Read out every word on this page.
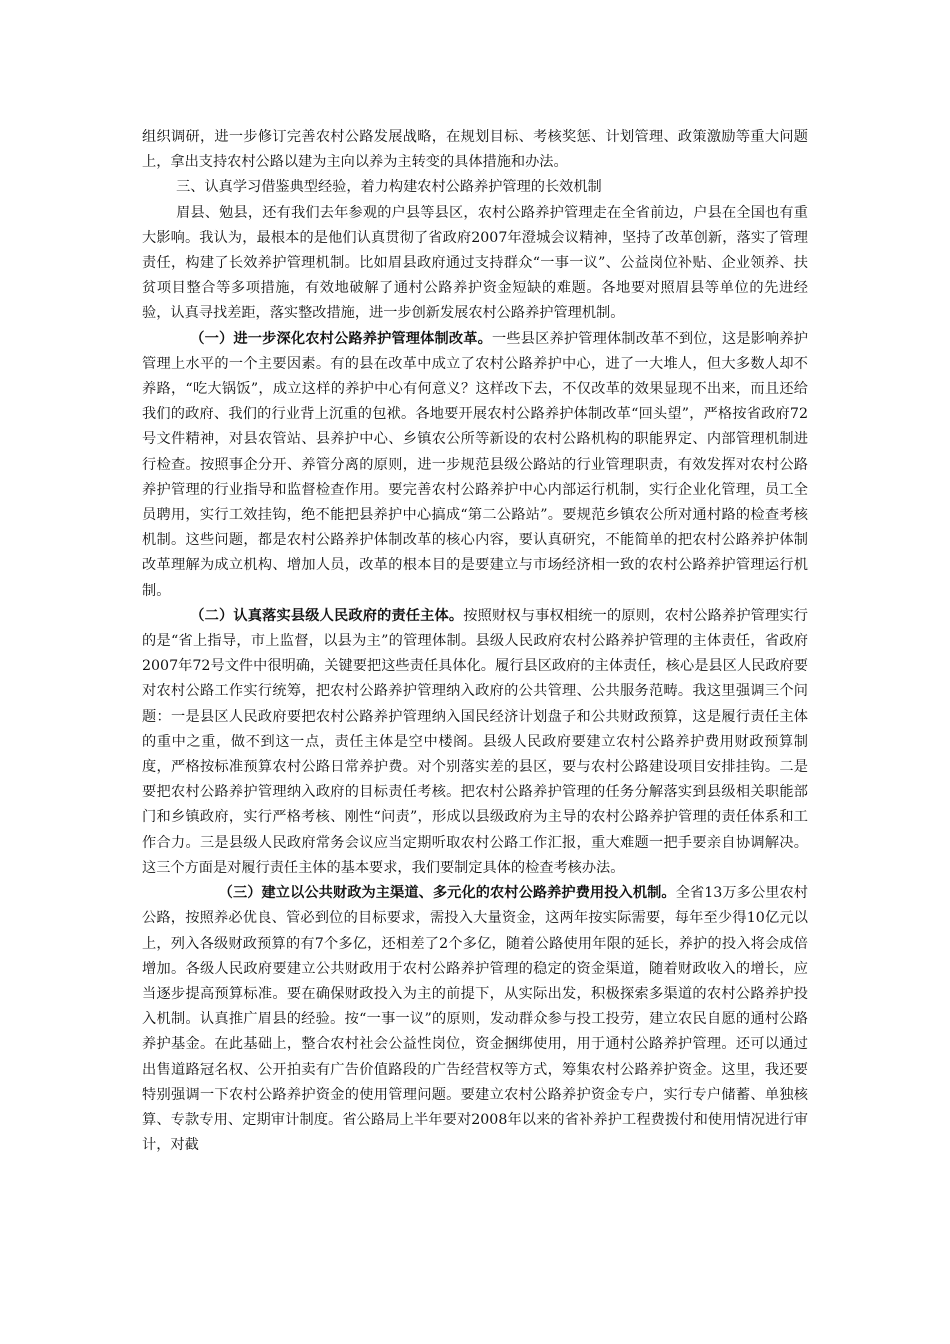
组织调研，进一步修订完善农村公路发展战略，在规划目标、考核奖惩、计划管理、政策激励等重大问题上，拿出支持农村公路以建为主向以养为主转变的具体措施和办法。

三、认真学习借鉴典型经验，着力构建农村公路养护管理的长效机制

眉县、勉县，还有我们去年参观的户县等县区，农村公路养护管理走在全省前边，户县在全国也有重大影响。我认为，最根本的是他们认真贯彻了省政府2007年澄城会议精神，坚持了改革创新，落实了管理责任，构建了长效养护管理机制。比如眉县政府通过支持群众“一事一议”、公益岗位补贴、企业领养、扶贫项目整合等多项措施，有效地破解了通村公路养护资金短缺的难题。各地要对照眉县等单位的先进经验，认真寻找差距，落实整改措施，进一步创新发展农村公路养护管理机制。

（一）进一步深化农村公路养护管理体制改革。一些县区养护管理体制改革不到位，这是影响养护管理上水平的一个主要因素。有的县在改革中成立了农村公路养护中心，进了一大堆人，但大多数人却不养路，“吃大锅饭”，成立这样的养护中心有何意义？这样改下去，不仅改革的效果显现不出来，而且还给我们的政府、我们的行业背上沉重的包袱。各地要开展农村公路养护体制改革“回头望”，严格按省政府72号文件精神，对县农管站、县养护中心、乡镇农公所等新设的农村公路机构的职能界定、内部管理机制进行检查。按照事企分开、养管分离的原则，进一步规范县级公路站的行业管理职责，有效发挥对农村公路养护管理的行业指导和监督检查作用。要完善农村公路养护中心内部运行机制，实行企业化管理，员工全员聘用，实行工效挂钩，绝不能把县养护中心搞成“第二公路站”。要规范乡镇农公所对通村路的检查考核机制。这些问题，都是农村公路养护体制改革的核心内容，要认真研究，不能简单的把农村公路养护体制改革理解为成立机构、增加人员，改革的根本目的是要建立与市场经济相一致的农村公路养护管理运行机制。

（二）认真落实县级人民政府的责任主体。按照财权与事权相统一的原则，农村公路养护管理实行的是“省上指导，市上监督，以县为主”的管理体制。县级人民政府农村公路养护管理的主体责任，省政府2007年72号文件中很明确，关键要把这些责任具体化。履行县区政府的主体责任，核心是县区人民政府要对农村公路工作实行统筹，把农村公路养护管理纳入政府的公共管理、公共服务范畴。我这里强调三个问题：一是县区人民政府要把农村公路养护管理纳入国民经济计划盘子和公共财政预算，这是履行责任主体的重中之重，做不到这一点，责任主体是空中楼阁。县级人民政府要建立农村公路养护费用财政预算制度，严格按标准预算农村公路日常养护费。对个别落实差的县区，要与农村公路建设项目安排挂钩。二是要把农村公路养护管理纳入政府的目标责任考核。把农村公路养护管理的任务分解落实到县级相关职能部门和乡镇政府，实行严格考核、刚性“问责”，形成以县级政府为主导的农村公路养护管理的责任体系和工作合力。三是县级人民政府常务会议应当定期听取农村公路工作汇报，重大难题一把手要亲自协调解决。这三个方面是对履行责任主体的基本要求，我们要制定具体的检查考核办法。

（三）建立以公共财政为主渠道、多元化的农村公路养护费用投入机制。全省13万多公里农村公路，按照养必优良、管必到位的目标要求，需投入大量资金，这两年按实际需要，每年至少得10亿元以上，列入各级财政预算的有7个多亿，还相差了2个多亿，随着公路使用年限的延长，养护的投入将会成倍增加。各级人民政府要建立公共财政用于农村公路养护管理的稳定的资金渠道，随着财政收入的增长，应当逐步提高预算标准。要在确保财政投入为主的前提下，从实际出发，积极探索多渠道的农村公路养护投入机制。认真推广眉县的经验。按“一事一议”的原则，发动群众参与投工投劳，建立农民自愿的通村公路养护基金。在此基础上，整合农村社会公益性岗位，资金捆绑使用，用于通村公路养护管理。还可以通过出售道路冠名权、公开拍卖有广告价值路段的广告经营权等方式，筹集农村公路养护资金。这里，我还要特别强调一下农村公路养护资金的使用管理问题。要建立农村公路养护资金专户，实行专户储蓄、单独核算、专款专用、定期审计制度。省公路局上半年要对2008年以来的省补养护工程费拨付和使用情况进行审计，对截
